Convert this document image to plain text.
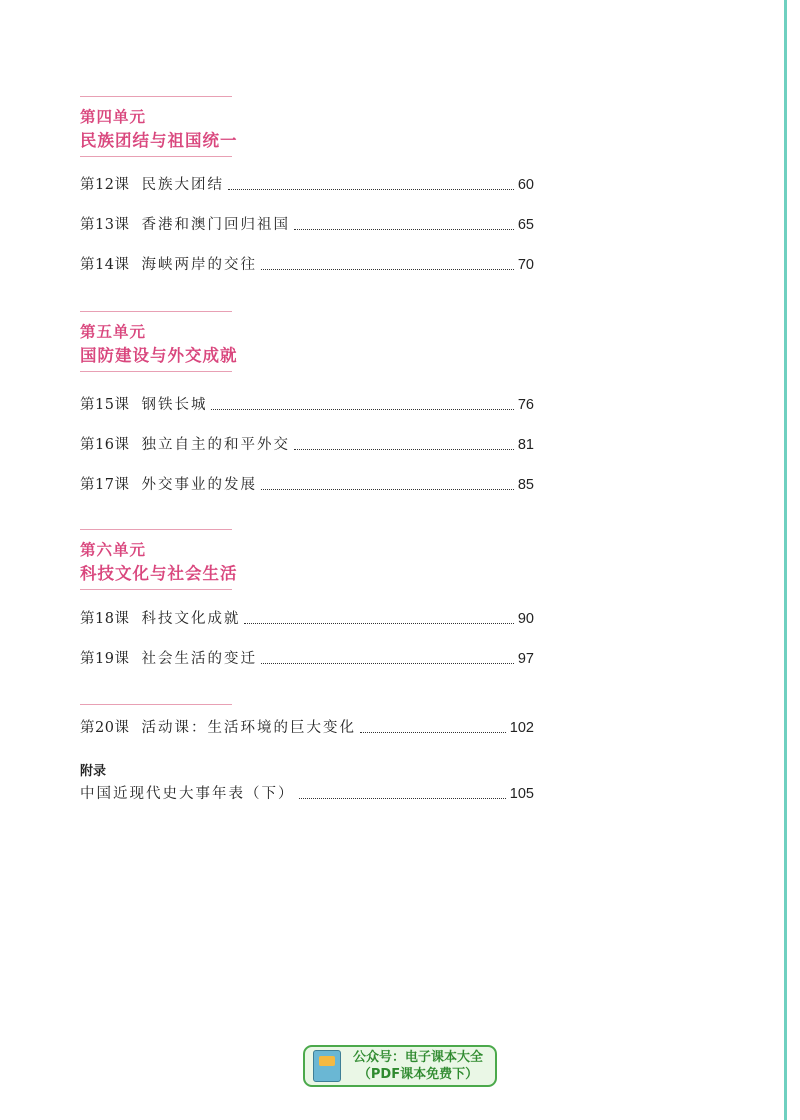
第四单元
民族团结与祖国统一
第12课 民族大团结	60
第13课 香港和澳门回归祖国	65
第14课 海峡两岸的交往	70
第五单元
国防建设与外交成就
第15课 钢铁长城	76
第16课 独立自主的和平外交	81
第17课 外交事业的发展	85
第六单元
科技文化与社会生活
第18课 科技文化成就	90
第19课 社会生活的变迁	97
第20课 活动课：生活环境的巨大变化	102
附录
中国近现代史大事年表（下）	105
公众号：电子课本大全
（PDF课本免费下）
